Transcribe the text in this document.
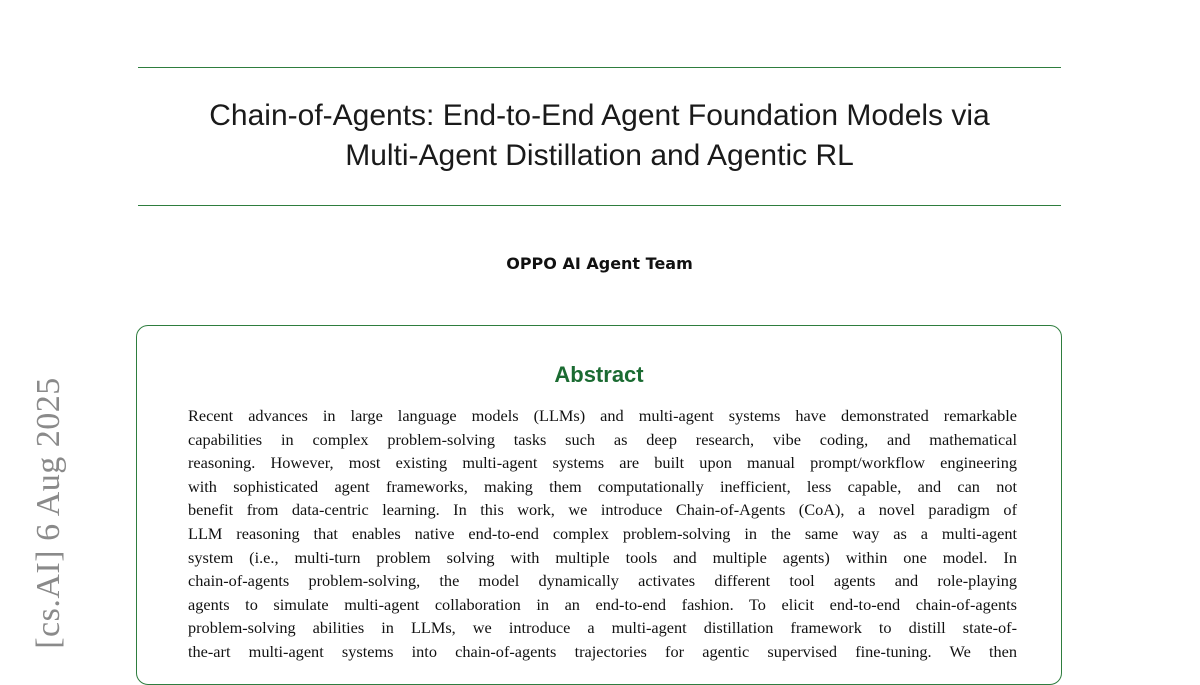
Chain-of-Agents: End-to-End Agent Foundation Models via
Multi-Agent Distillation and Agentic RL
OPPO AI Agent Team
[cs.AI] 6 Aug 2025
Abstract
Recent advances in large language models (LLMs) and multi-agent systems have demonstrated remarkable
capabilities in complex problem-solving tasks such as deep research, vibe coding, and mathematical
reasoning. However, most existing multi-agent systems are built upon manual prompt/workflow engineering
with sophisticated agent frameworks, making them computationally inefficient, less capable, and can not
benefit from data-centric learning. In this work, we introduce Chain-of-Agents (CoA), a novel paradigm of
LLM reasoning that enables native end-to-end complex problem-solving in the same way as a multi-agent
system (i.e., multi-turn problem solving with multiple tools and multiple agents) within one model. In
chain-of-agents problem-solving, the model dynamically activates different tool agents and role-playing
agents to simulate multi-agent collaboration in an end-to-end fashion. To elicit end-to-end chain-of-agents
problem-solving abilities in LLMs, we introduce a multi-agent distillation framework to distill state-of-
the-art multi-agent systems into chain-of-agents trajectories for agentic supervised fine-tuning. We then
